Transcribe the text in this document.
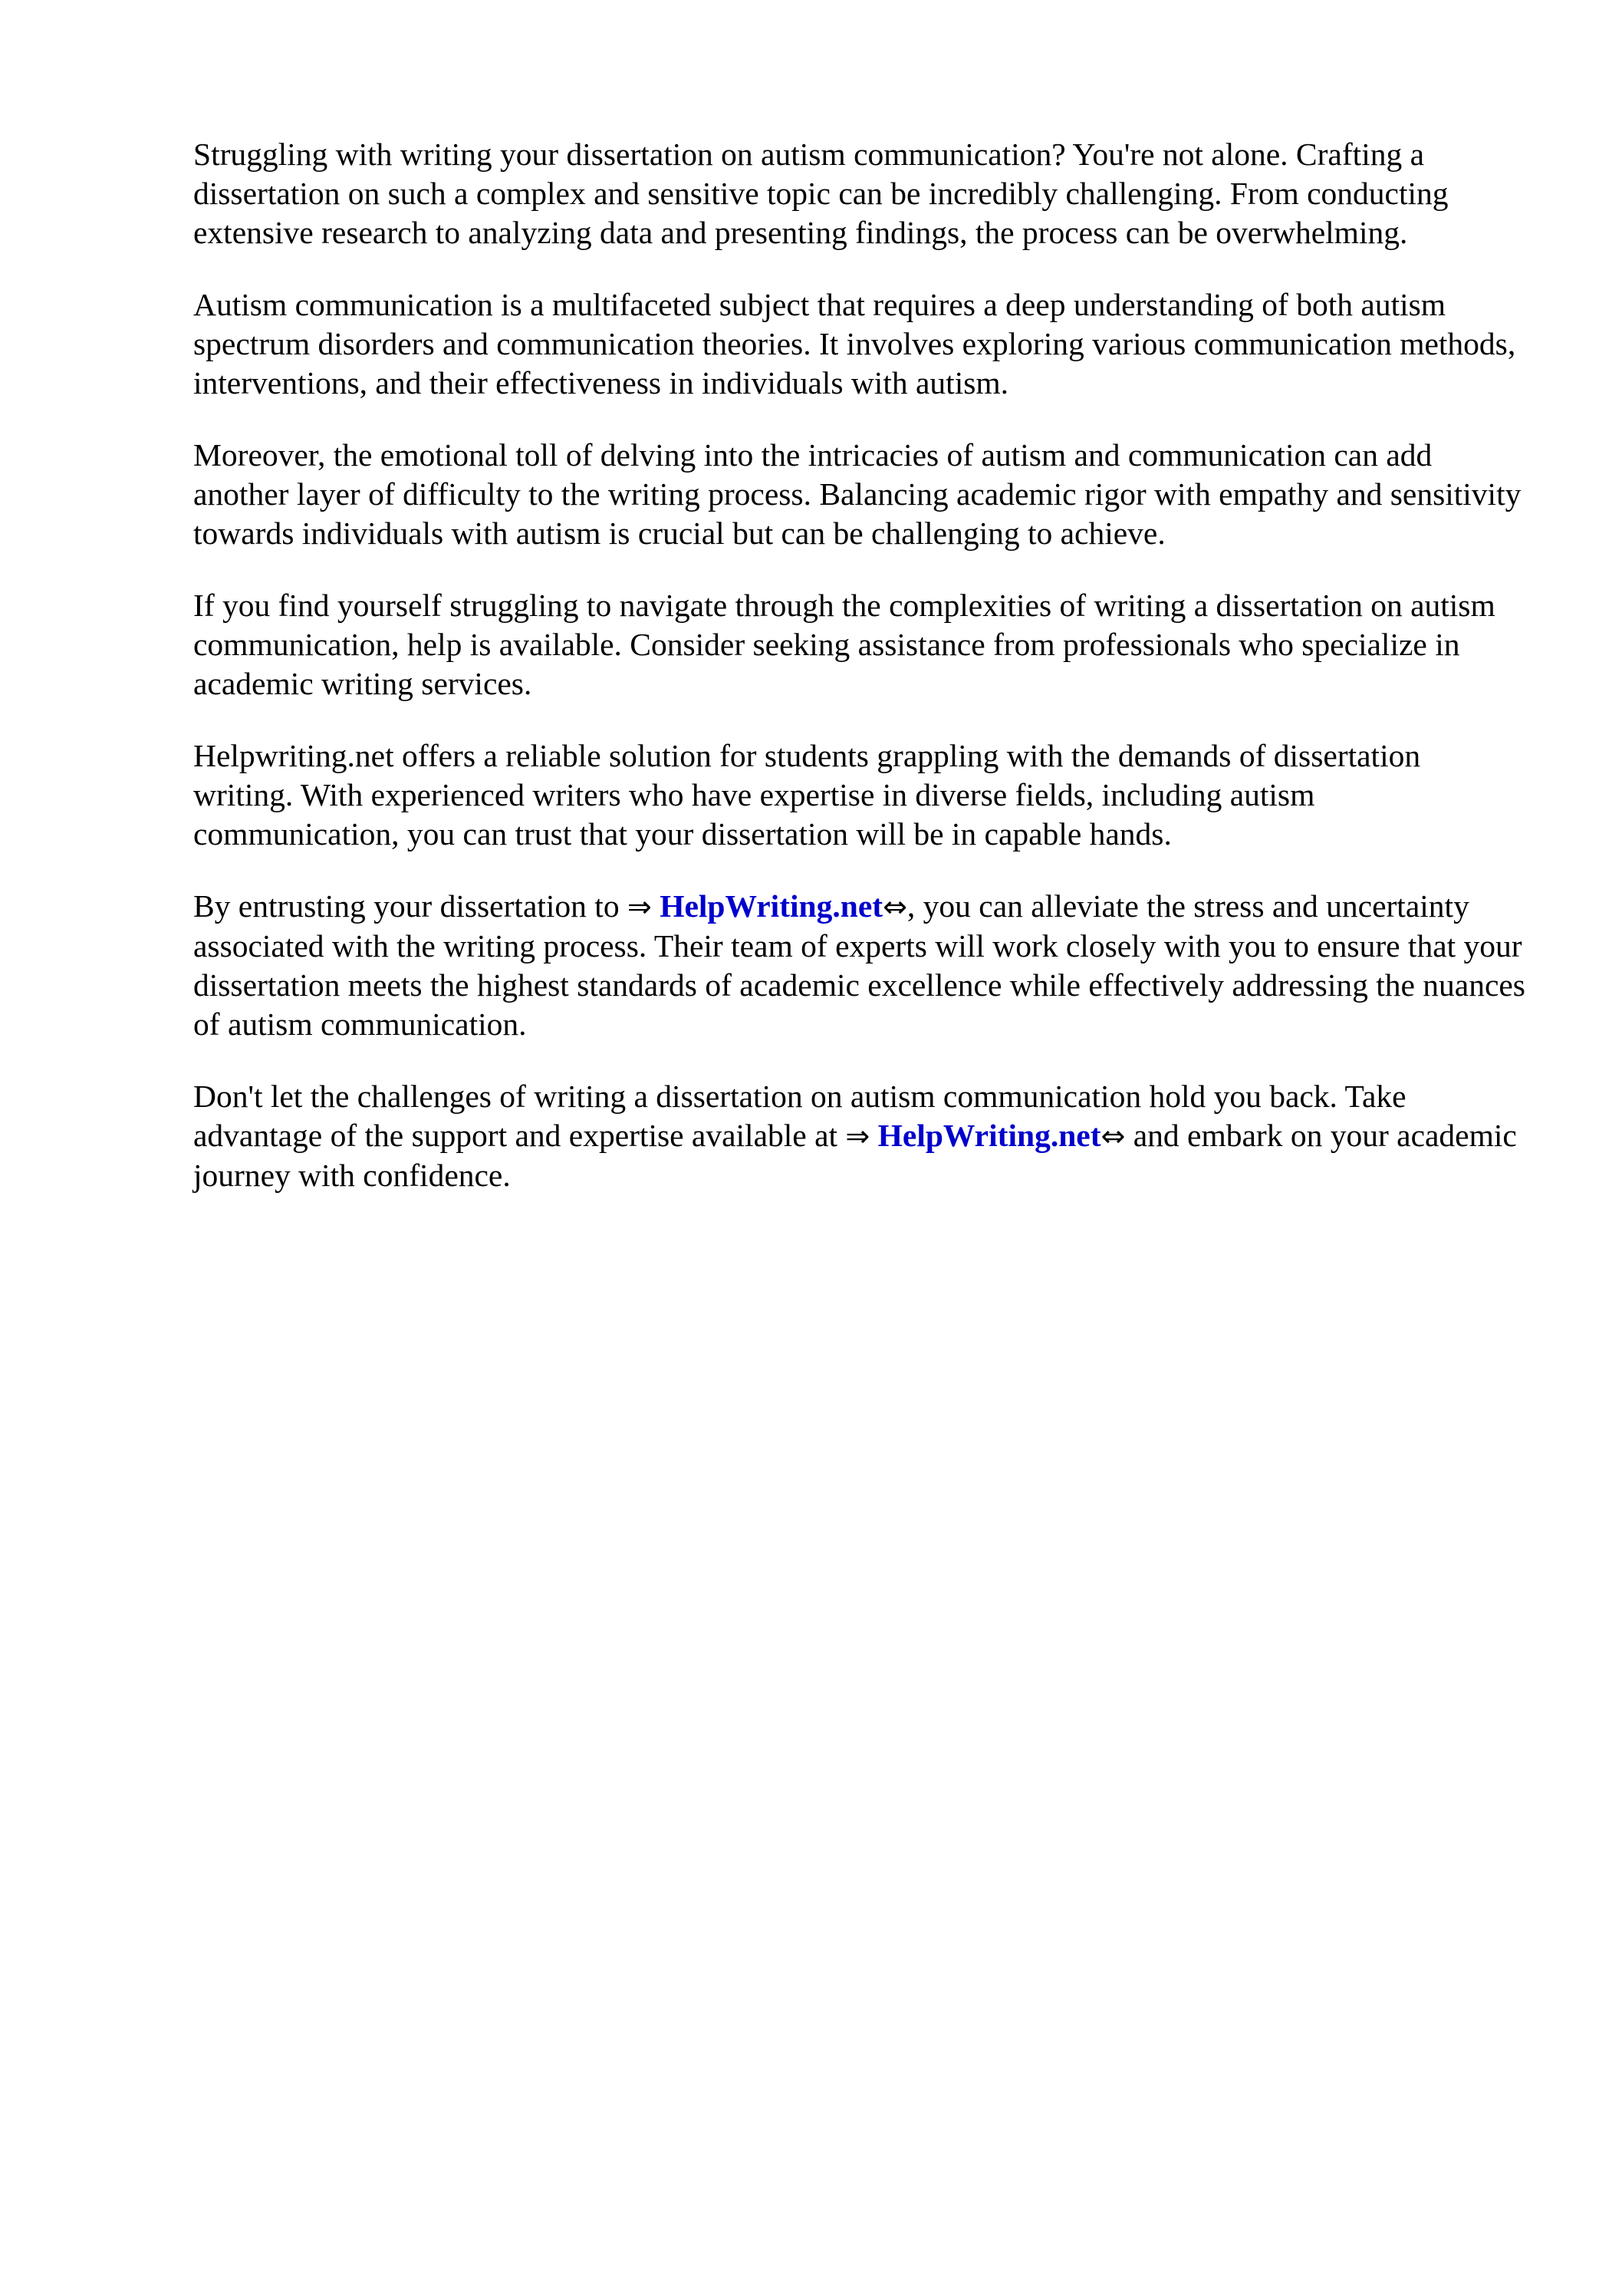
Struggling with writing your dissertation on autism communication? You're not alone. Crafting a dissertation on such a complex and sensitive topic can be incredibly challenging. From conducting extensive research to analyzing data and presenting findings, the process can be overwhelming.

Autism communication is a multifaceted subject that requires a deep understanding of both autism spectrum disorders and communication theories. It involves exploring various communication methods, interventions, and their effectiveness in individuals with autism.

Moreover, the emotional toll of delving into the intricacies of autism and communication can add another layer of difficulty to the writing process. Balancing academic rigor with empathy and sensitivity towards individuals with autism is crucial but can be challenging to achieve.

If you find yourself struggling to navigate through the complexities of writing a dissertation on autism communication, help is available. Consider seeking assistance from professionals who specialize in academic writing services.

Helpwriting.net offers a reliable solution for students grappling with the demands of dissertation writing. With experienced writers who have expertise in diverse fields, including autism communication, you can trust that your dissertation will be in capable hands.

By entrusting your dissertation to ⇒ HelpWriting.net⇔, you can alleviate the stress and uncertainty associated with the writing process. Their team of experts will work closely with you to ensure that your dissertation meets the highest standards of academic excellence while effectively addressing the nuances of autism communication.

Don't let the challenges of writing a dissertation on autism communication hold you back. Take advantage of the support and expertise available at ⇒ HelpWriting.net⇔ and embark on your academic journey with confidence.
